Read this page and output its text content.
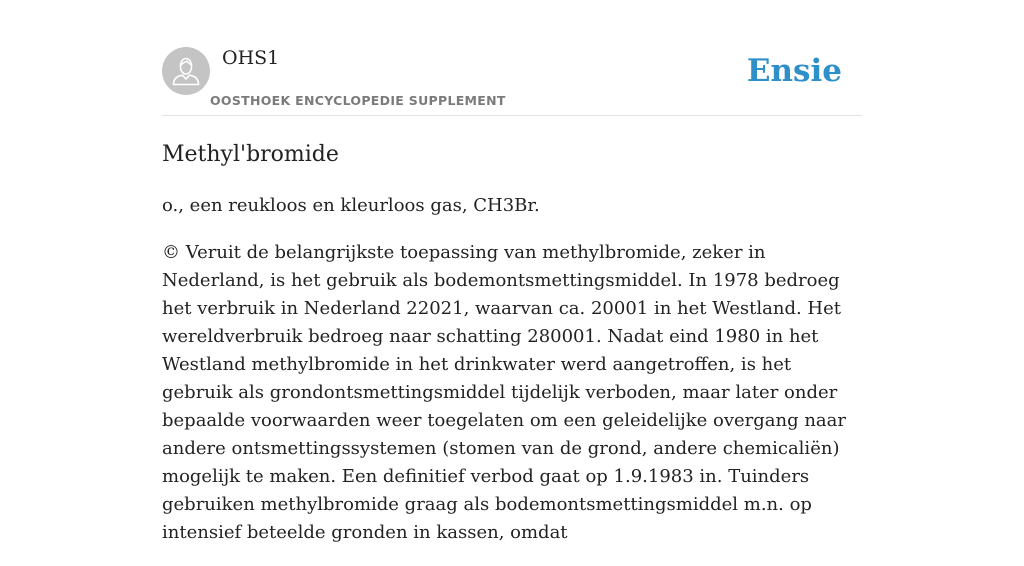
OHS1
OOSTHOEK ENCYCLOPEDIE SUPPLEMENT
Ensie
Methyl'bromide

o., een reukloos en kleurloos gas, CH3Br.

© Veruit de belangrijkste toepassing van methylbromide, zeker in Nederland, is het gebruik als bodemontsmettingsmiddel. In 1978 bedroeg het verbruik in Nederland 22021, waarvan ca. 20001 in het Westland. Het wereldverbruik bedroeg naar schatting 280001. Nadat eind 1980 in het Westland methylbromide in het drinkwater werd aangetroffen, is het gebruik als grondontsmettingsmiddel tijdelijk verboden, maar later onder bepaalde voorwaarden weer toegelaten om een geleidelijke overgang naar andere ontsmettingssystemen (stomen van de grond, andere chemicaliën) mogelijk te maken. Een definitief verbod gaat op 1.9.1983 in. Tuinders gebruiken methylbromide graag als bodemontsmettingsmiddel m.n. op intensief beteelde gronden in kassen, omdat
